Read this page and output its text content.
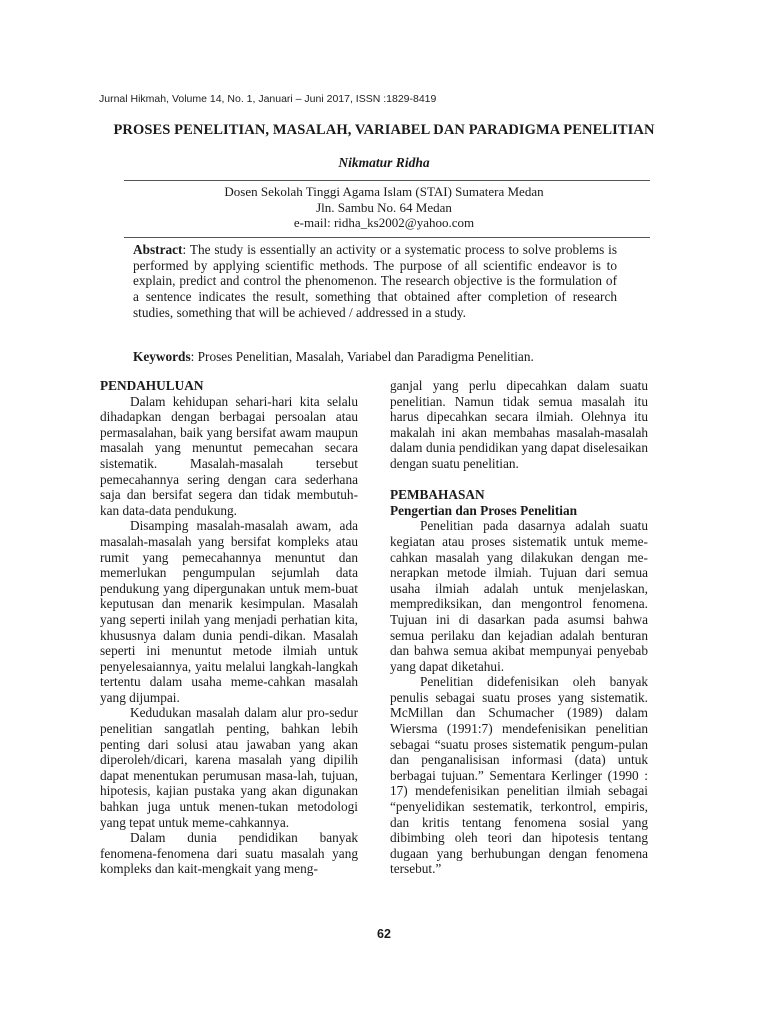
Jurnal Hikmah, Volume 14, No. 1, Januari – Juni 2017, ISSN :1829-8419
PROSES PENELITIAN, MASALAH, VARIABEL DAN PARADIGMA PENELITIAN
Nikmatur Ridha
Dosen Sekolah Tinggi Agama Islam (STAI) Sumatera Medan
Jln. Sambu No. 64 Medan
e-mail: ridha_ks2002@yahoo.com
Abstract: The study is essentially an activity or a systematic process to solve problems is performed by applying scientific methods. The purpose of all scientific endeavor is to explain, predict and control the phenomenon. The research objective is the formulation of a sentence indicates the result, something that obtained after completion of research studies, something that will be achieved / addressed in a study.
Keywords: Proses Penelitian, Masalah, Variabel dan Paradigma Penelitian.
PENDAHULUAN

Dalam kehidupan sehari-hari kita selalu dihadapkan dengan berbagai persoalan atau permasalahan, baik yang bersifat awam maupun masalah yang menuntut pemecahan secara sistematik. Masalah-masalah tersebut pemecahannya sering dengan cara sederhana saja dan bersifat segera dan tidak membutuh-kan data-data pendukung.

Disamping masalah-masalah awam, ada masalah-masalah yang bersifat kompleks atau rumit yang pemecahannya menuntut dan memerlukan pengumpulan sejumlah data pendukung yang dipergunakan untuk mem-buat keputusan dan menarik kesimpulan. Masalah yang seperti inilah yang menjadi perhatian kita, khususnya dalam dunia pendi-dikan. Masalah seperti ini menuntut metode ilmiah untuk penyelesaiannya, yaitu melalui langkah-langkah tertentu dalam usaha meme-cahkan masalah yang dijumpai.

Kedudukan masalah dalam alur pro-sedur penelitian sangatlah penting, bahkan lebih penting dari solusi atau jawaban yang akan diperoleh/dicari, karena masalah yang dipilih dapat menentukan perumusan masa-lah, tujuan, hipotesis, kajian pustaka yang akan digunakan bahkan juga untuk menen-tukan metodologi yang tepat untuk meme-cahkannya.

Dalam dunia pendidikan banyak fenomena-fenomena dari suatu masalah yang kompleks dan kait-mengkait yang meng-

ganjal yang perlu dipecahkan dalam suatu penelitian. Namun tidak semua masalah itu harus dipecahkan secara ilmiah. Olehnya itu makalah ini akan membahas masalah-masalah dalam dunia pendidikan yang dapat diselesaikan dengan suatu penelitian.

PEMBAHASAN
Pengertian dan Proses Penelitian

Penelitian pada dasarnya adalah suatu kegiatan atau proses sistematik untuk meme-cahkan masalah yang dilakukan dengan me-nerapkan metode ilmiah. Tujuan dari semua usaha ilmiah adalah untuk menjelaskan, memprediksikan, dan mengontrol fenomena. Tujuan ini di dasarkan pada asumsi bahwa semua perilaku dan kejadian adalah benturan dan bahwa semua akibat mempunyai penyebab yang dapat diketahui.

Penelitian didefenisikan oleh banyak penulis sebagai suatu proses yang sistematik. McMillan dan Schumacher (1989) dalam Wiersma (1991:7) mendefenisikan penelitian sebagai “suatu proses sistematik pengum-pulan dan penganalisisan informasi (data) untuk berbagai tujuan.” Sementara Kerlinger (1990 : 17) mendefenisikan penelitian ilmiah sebagai “penyelidikan sestematik, terkontrol, empiris, dan kritis tentang fenomena sosial yang dibimbing oleh teori dan hipotesis tentang dugaan yang berhubungan dengan fenomena tersebut.”

62
